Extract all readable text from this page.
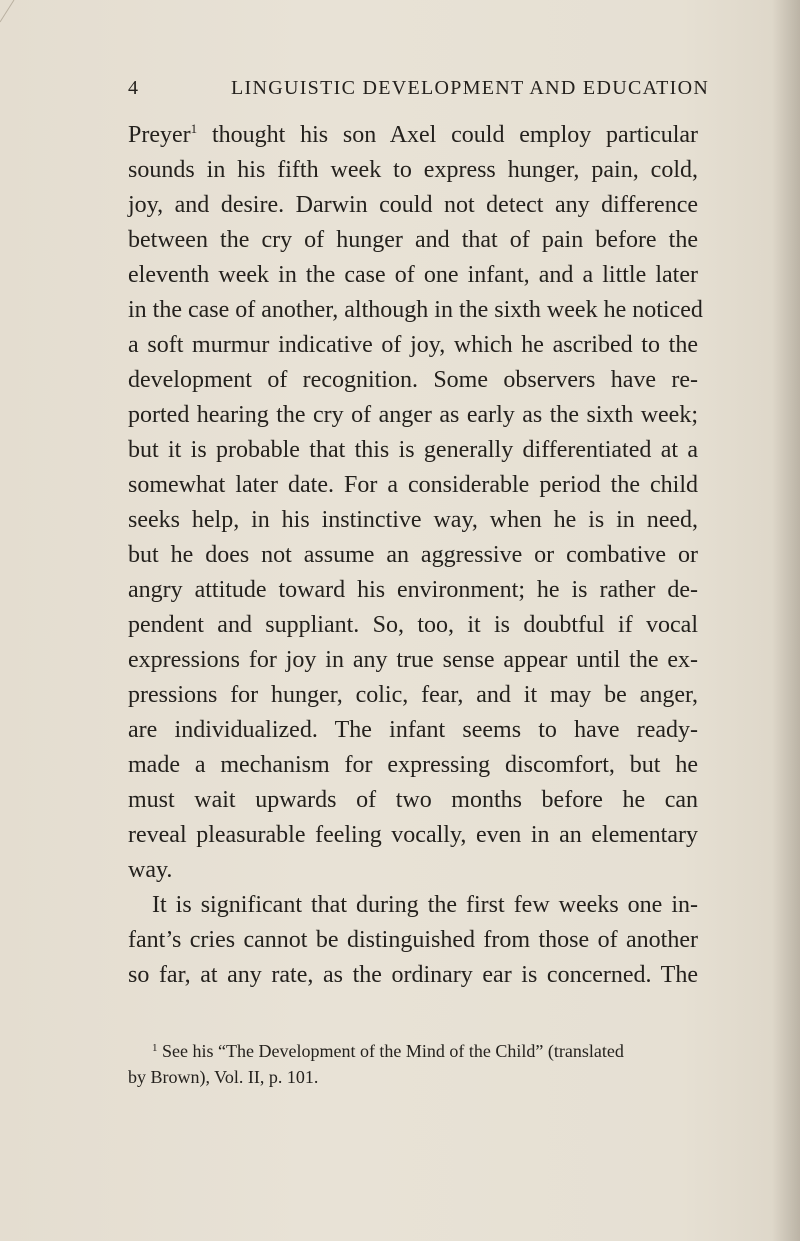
4	LINGUISTIC DEVELOPMENT AND EDUCATION
Preyer$^1$ thought his son Axel could employ particular
sounds in his fifth week to express hunger, pain, cold,
joy, and desire. Darwin could not detect any difference
between the cry of hunger and that of pain before the
eleventh week in the case of one infant, and a little later
in the case of another, although in the sixth week he noticed
a soft murmur indicative of joy, which he ascribed to the
development of recognition. Some observers have re-
ported hearing the cry of anger as early as the sixth week;
but it is probable that this is generally differentiated at a
somewhat later date. For a considerable period the child
seeks help, in his instinctive way, when he is in need,
but he does not assume an aggressive or combative or
angry attitude toward his environment; he is rather de-
pendent and suppliant. So, too, it is doubtful if vocal
expressions for joy in any true sense appear until the ex-
pressions for hunger, colic, fear, and it may be anger,
are individualized. The infant seems to have ready-
made a mechanism for expressing discomfort, but he
must wait upwards of two months before he can
reveal pleasurable feeling vocally, even in an elementary
way.
It is significant that during the first few weeks one in-
fant’s cries cannot be distinguished from those of another
so far, at any rate, as the ordinary ear is concerned. The
$^1$ See his “The Development of the Mind of the Child” (translated
by Brown), Vol. II, p. 101.
